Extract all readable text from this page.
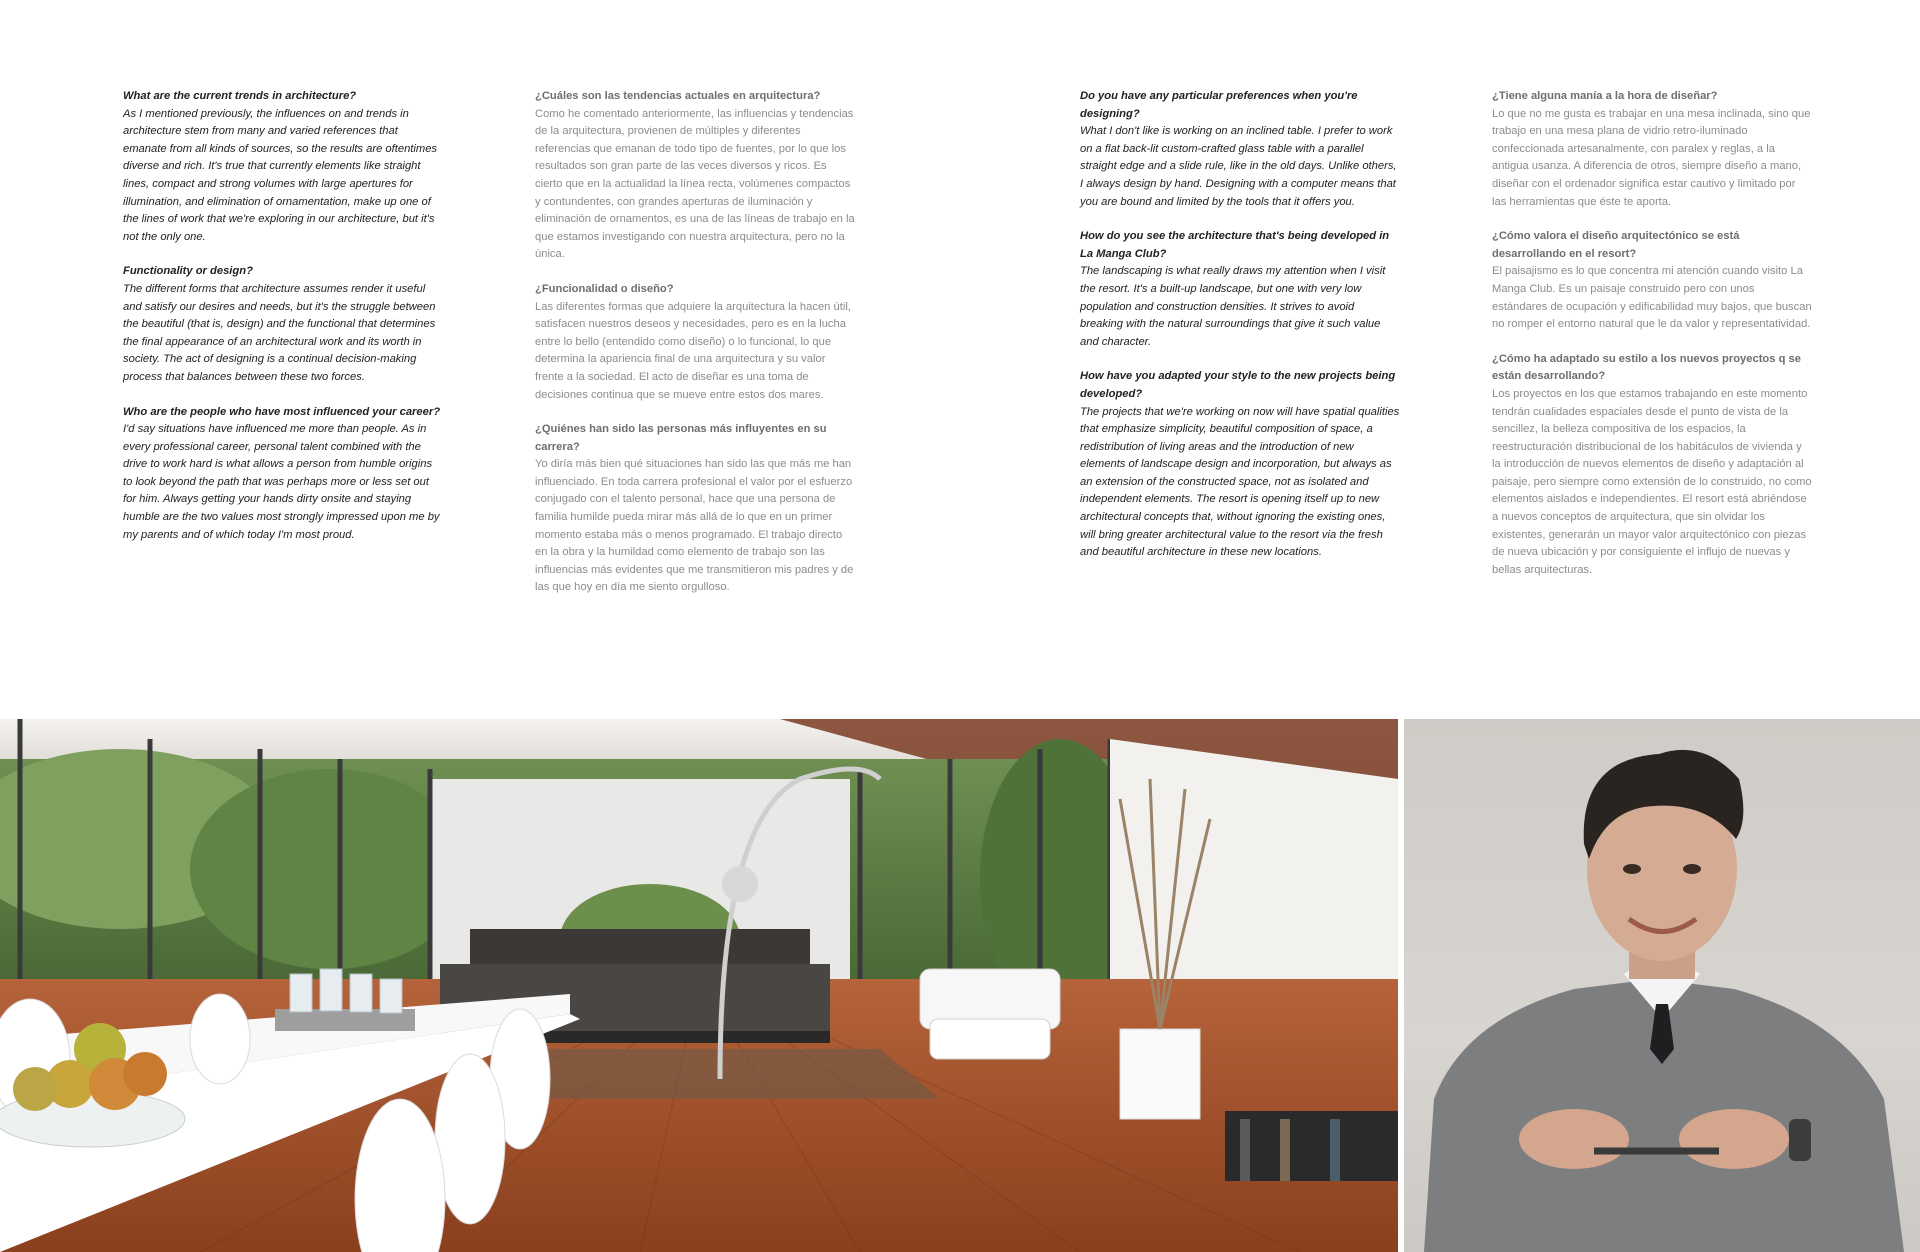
What are the current trends in architecture?

As I mentioned previously, the influences on and trends in architecture stem from many and varied references that emanate from all kinds of sources, so the results are oftentimes diverse and rich. It's true that currently elements like straight lines, compact and strong volumes with large apertures for illumination, and elimination of ornamentation, make up one of the lines of work that we're exploring in our architecture, but it's not the only one.

Functionality or design?

The different forms that architecture assumes render it useful and satisfy our desires and needs, but it's the struggle between the beautiful (that is, design) and the functional that determines the final appearance of an architectural work and its worth in society. The act of designing is a continual decision-making process that balances between these two forces.

Who are the people who have most influenced your career?

I'd say situations have influenced me more than people. As in every professional career, personal talent combined with the drive to work hard is what allows a person from humble origins to look beyond the path that was perhaps more or less set out for him. Always getting your hands dirty onsite and staying humble are the two values most strongly impressed upon me by my parents and of which today I'm most proud.

¿Cuáles son las tendencias actuales en arquitectura?

Como he comentado anteriormente, las influencias y tendencias de la arquitectura, provienen de múltiples y diferentes referencias que emanan de todo tipo de fuentes, por lo que los resultados son gran parte de las veces diversos y ricos. Es cierto que en la actualidad la línea recta, volúmenes compactos y contundentes, con grandes aperturas de iluminación y eliminación de ornamentos, es una de las líneas de trabajo en la que estamos investigando con nuestra arquitectura, pero no la única.

¿Funcionalidad o diseño?

Las diferentes formas que adquiere la arquitectura la hacen útil, satisfacen nuestros deseos y necesidades, pero es en la lucha entre lo bello (entendido como diseño) o lo funcional, lo que determina la apariencia final de una arquitectura y su valor frente a la sociedad. El acto de diseñar es una toma de decisiones continua que se mueve entre estos dos mares.

¿Quiénes han sido las personas más influyentes en su carrera?

Yo diría más bien qué situaciones han sido las que más me han influenciado. En toda carrera profesional el valor por el esfuerzo conjugado con el talento personal, hace que una persona de familia humilde pueda mirar más allá de lo que en un primer momento estaba más o menos programado. El trabajo directo en la obra y la humildad como elemento de trabajo son las influencias más evidentes que me transmitieron mis padres y de las que hoy en día me siento orgulloso.

Do you have any particular preferences when you're designing?

What I don't like is working on an inclined table. I prefer to work on a flat back-lit custom-crafted glass table with a parallel straight edge and a slide rule, like in the old days. Unlike others, I always design by hand. Designing with a computer means that you are bound and limited by the tools that it offers you.

How do you see the architecture that's being developed in La Manga Club?

The landscaping is what really draws my attention when I visit the resort. It's a built-up landscape, but one with very low population and construction densities. It strives to avoid breaking with the natural surroundings that give it such value and character.

How have you adapted your style to the new projects being developed?

The projects that we're working on now will have spatial qualities that emphasize simplicity, beautiful composition of space, a redistribution of living areas and the introduction of new elements of landscape design and incorporation, but always as an extension of the constructed space, not as isolated and independent elements. The resort is opening itself up to new architectural concepts that, without ignoring the existing ones, will bring greater architectural value to the resort via the fresh and beautiful architecture in these new locations.

¿Tiene alguna manía a la hora de diseñar?

Lo que no me gusta es trabajar en una mesa inclinada, sino que trabajo en una mesa plana de vidrio retro-iluminado confeccionada artesanalmente, con paralex y reglas, a la antigua usanza. A diferencia de otros, siempre diseño a mano, diseñar con el ordenador significa estar cautivo y limitado por las herramientas que éste te aporta.

¿Cómo valora el diseño arquitectónico se está desarrollando en el resort?

El paisajismo es lo que concentra mi atención cuando visito La Manga Club. Es un paisaje construido pero con unos estándares de ocupación y edificabilidad muy bajos, que buscan no romper el entorno natural que le da valor y representatividad.

¿Cómo ha adaptado su estilo a los nuevos proyectos q se están desarrollando?

Los proyectos en los que estamos trabajando en este momento tendrán cualidades espaciales desde el punto de vista de la sencillez, la belleza compositiva de los espacios, la reestructuración distribucional de los habitáculos de vivienda y la introducción de nuevos elementos de diseño y adaptación al paisaje, pero siempre como extensión de lo construido, no como elementos aislados e independientes. El resort está abriéndose a nuevos conceptos de arquitectura, que sin olvidar los existentes, generarán un mayor valor arquitectónico con piezas de nueva ubicación y por consiguiente el influjo de nuevas y bellas arquitecturas.
